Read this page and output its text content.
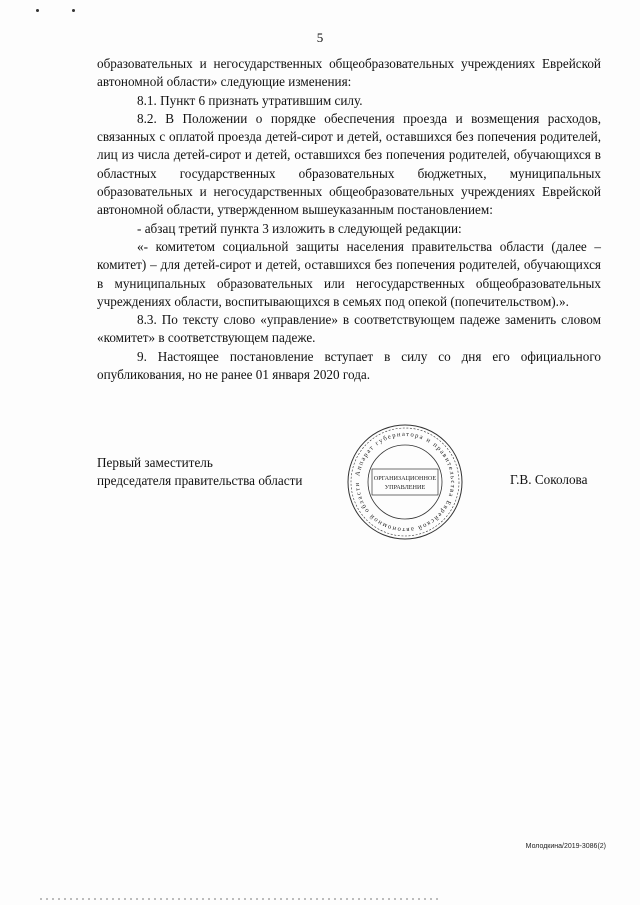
5

образовательных и негосударственных общеобразовательных учреждениях Еврейской автономной области» следующие изменения:

8.1. Пункт 6 признать утратившим силу.

8.2. В Положении о порядке обеспечения проезда и возмещения расходов, связанных с оплатой проезда детей-сирот и детей, оставшихся без попечения родителей, лиц из числа детей-сирот и детей, оставшихся без попечения родителей, обучающихся в областных государственных образовательных бюджетных, муниципальных образовательных и негосударственных общеобразовательных учреждениях Еврейской автономной области, утвержденном вышеуказанным постановлением:

- абзац третий пункта 3 изложить в следующей редакции:

«- комитетом социальной защиты населения правительства области (далее – комитет) – для детей-сирот и детей, оставшихся без попечения родителей, обучающихся в муниципальных образовательных или негосударственных общеобразовательных учреждениях области, воспитывающихся в семьях под опекой (попечительством).».

8.3. По тексту слово «управление» в соответствующем падеже заменить словом «комитет» в соответствующем падеже.

9. Настоящее постановление вступает в силу со дня его официального опубликования, но не ранее 01 января 2020 года.

Первый заместитель
председателя правительства области	Аппарат губернатора и правительства Еврейской автономной области
ОРГАНИЗАЦИОННОЕ
УПРАВЛЕНИЕ
Г.В. Соколова
Молодкина/2019-3086(2)
